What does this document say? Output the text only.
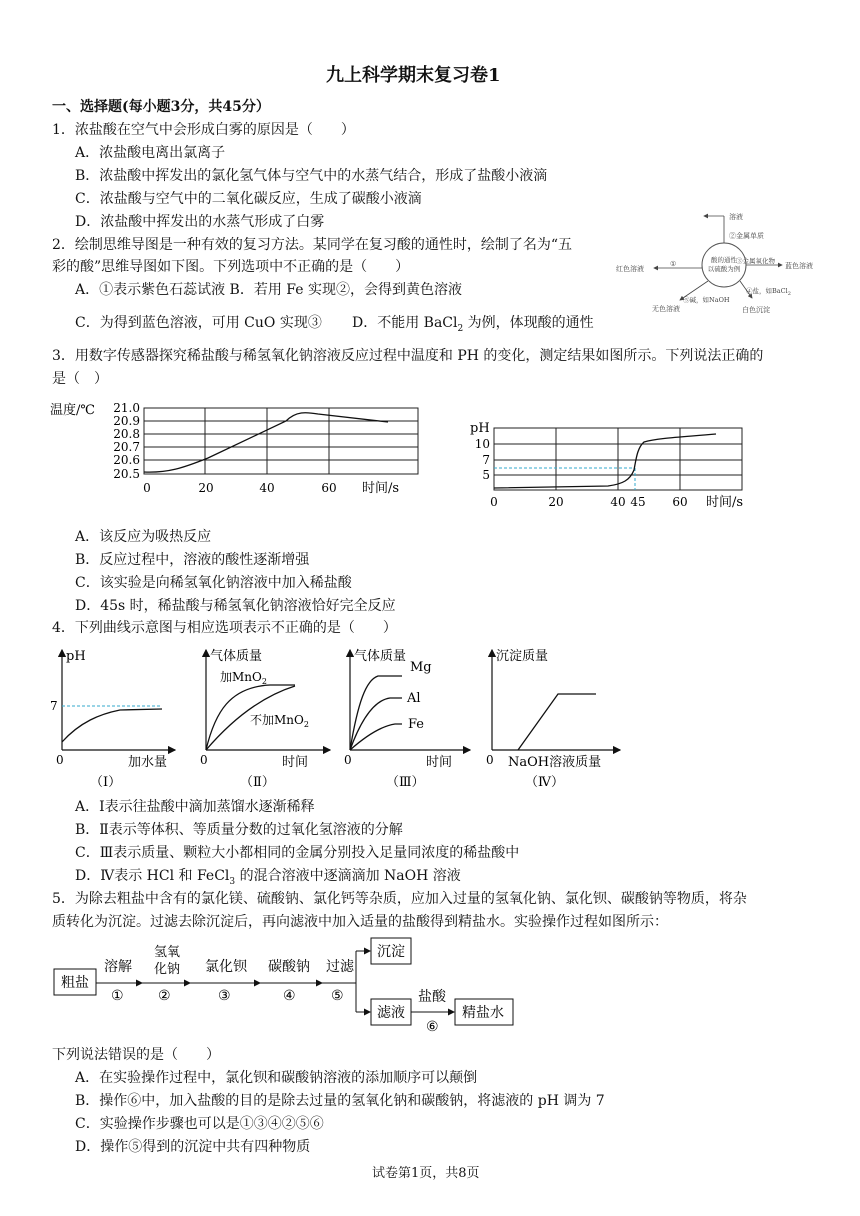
九上科学期末复习卷1
一、选择题(每小题3分，共45分）
1．浓盐酸在空气中会形成白雾的原因是（　　）
A．浓盐酸电离出氯离子
B．浓盐酸中挥发出的氯化氢气体与空气中的水蒸气结合，形成了盐酸小液滴
C．浓盐酸与空气中的二氧化碳反应，生成了碳酸小液滴
D．浓盐酸中挥发出的水蒸气形成了白雾
2．绘制思维导图是一种有效的复习方法。某同学在复习酸的通性时，绘制了名为“五
彩的酸”思维导图如下图。下列选项中不正确的是（　　）
A．①表示紫色石蕊试液 B．若用 Fe 实现②，会得到黄色溶液
C．为得到蓝色溶液，可用 CuO 实现③ D．不能用 BaCl$_2$ 为例，体现酸的通性
酸的通性
以硫酸为例
溶液
②金属单质
③金属氧化物
蓝色溶液
①
红色溶液
④盐，如BaCl$_2$
白色沉淀
⑤碱，如NaOH
无色溶液
3．用数字传感器探究稀盐酸与稀氢氧化钠溶液反应过程中温度和 PH 的变化，测定结果如图所示。下列说法正确的
是（　）
温度/℃ 21.0
20.9
20.8
20.7
20.6
20.5
0	20	40	60 时间/s
pH
10
7
5
0	20	40 45 60 时间/s
A．该反应为吸热反应
B．反应过程中，溶液的酸性逐渐增强
C．该实验是向稀氢氧化钠溶液中加入稀盐酸
D．45s 时，稀盐酸与稀氢氧化钠溶液恰好完全反应
4．下列曲线示意图与相应选项表示不正确的是（　　）
pH
7
0	加水量
（Ⅰ）
气体质量
加MnO$_2$
不加MnO$_2$
0	时间
（Ⅱ）
气体质量
Mg
Al
Fe
0	时间
（Ⅲ）
沉淀质量
0 NaOH溶液质量
（Ⅳ）
A．Ⅰ表示往盐酸中滴加蒸馏水逐渐稀释
B．Ⅱ表示等体积、等质量分数的过氧化氢溶液的分解
C．Ⅲ表示质量、颗粒大小都相同的金属分别投入足量同浓度的稀盐酸中
D．Ⅳ表示 HCl 和 FeCl$_3$ 的混合溶液中逐滴滴加 NaOH 溶液
5．为除去粗盐中含有的氯化镁、硫酸钠、氯化钙等杂质，应加入过量的氢氧化钠、氯化钡、碳酸钠等物质，将杂
质转化为沉淀。过滤去除沉淀后，再向滤液中加入适量的盐酸得到精盐水。实验操作过程如图所示：
粗盐
溶解
①
氢氧
化钠
②
氯化钡
③
碳酸钠
④
过滤
⑤
沉淀
滤液
盐酸
⑥
精盐水
下列说法错误的是（　　）
A．在实验操作过程中，氯化钡和碳酸钠溶液的添加顺序可以颠倒
B．操作⑥中，加入盐酸的目的是除去过量的氢氧化钠和碳酸钠，将滤液的 pH 调为 7
C．实验操作步骤也可以是①③④②⑤⑥
D．操作⑤得到的沉淀中共有四种物质
试卷第1页，共8页
